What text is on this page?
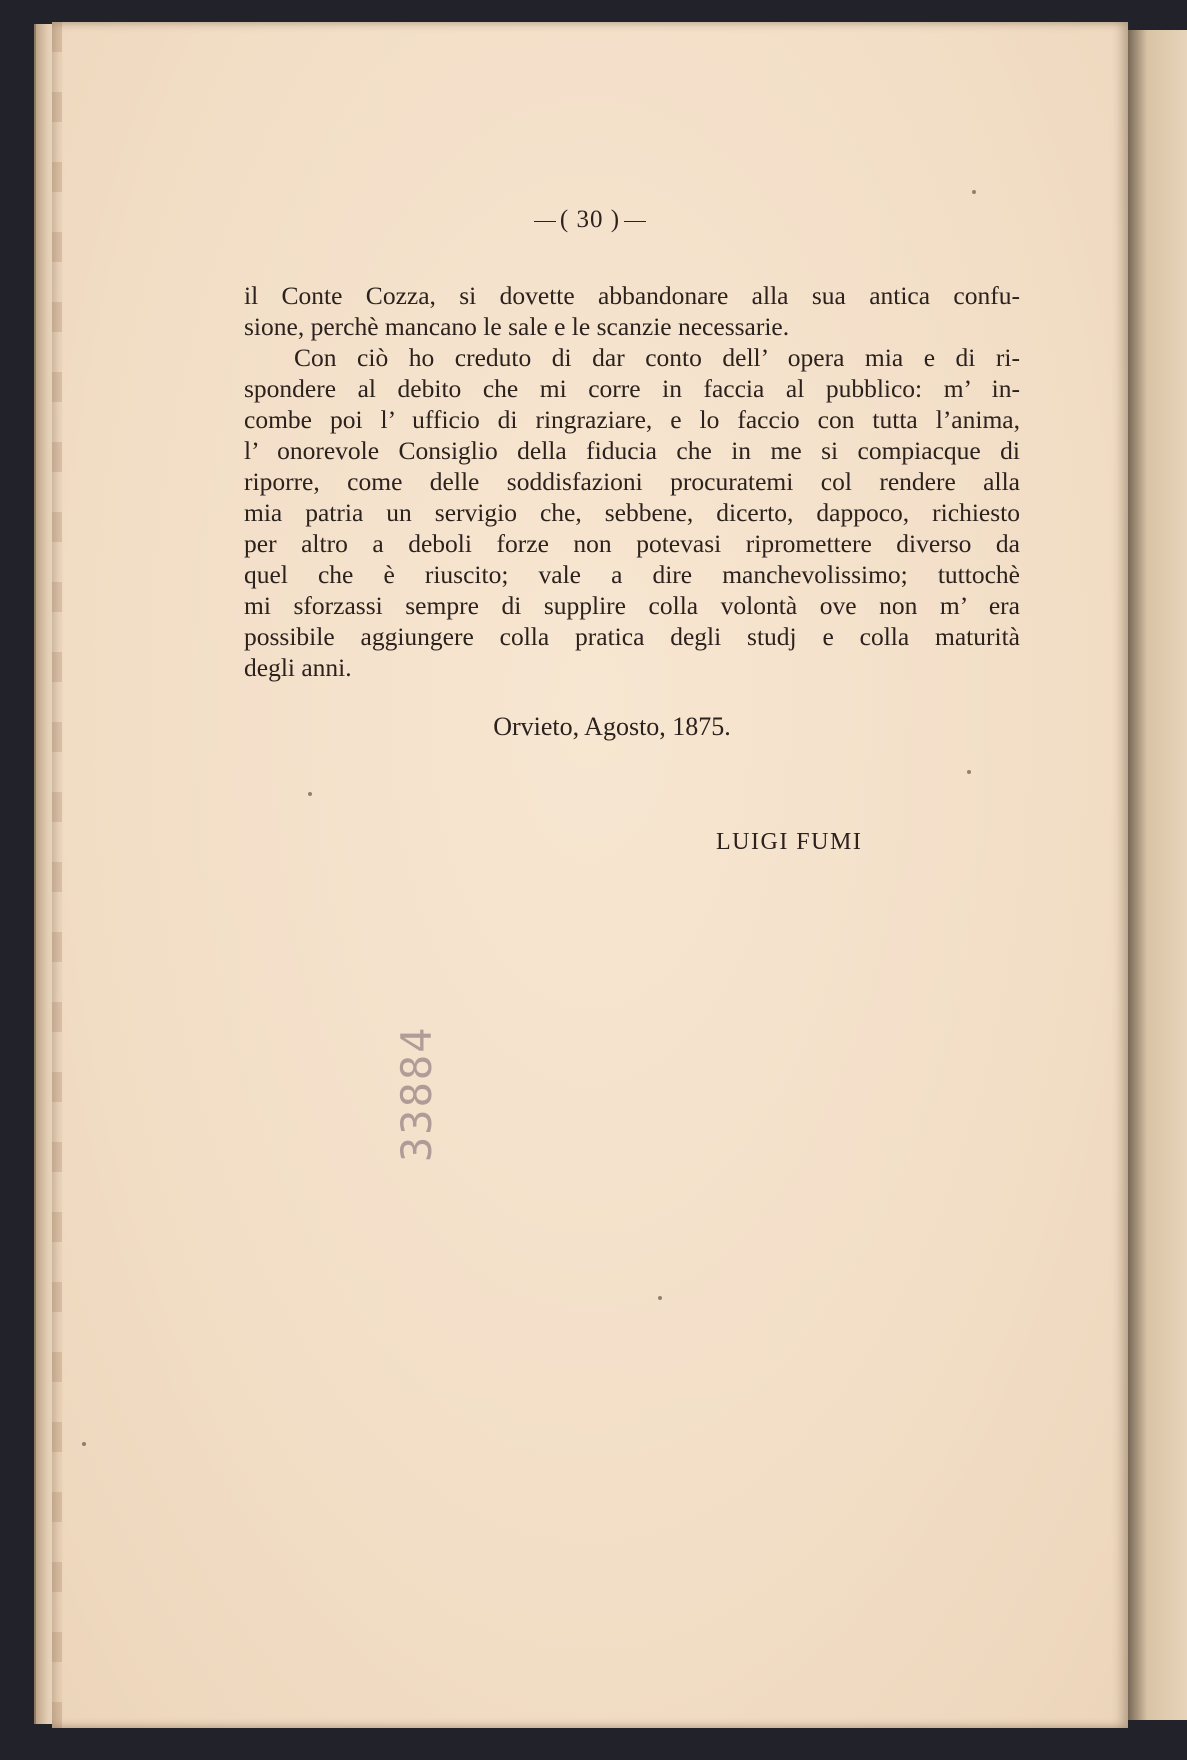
( 30 )
il Conte Cozza, si dovette abbandonare alla sua antica confu-
sione, perchè mancano le sale e le scanzie necessarie.
Con ciò ho creduto di dar conto dell’ opera mia e di ri-
spondere al debito che mi corre in faccia al pubblico: m’ in-
combe poi l’ ufficio di ringraziare, e lo faccio con tutta l’anima,
l’ onorevole Consiglio della fiducia che in me si compiacque di
riporre, come delle soddisfazioni procuratemi col rendere alla
mia patria un servigio che, sebbene, dicerto, dappoco, richiesto
per altro a deboli forze non potevasi ripromettere diverso da
quel che è riuscito; vale a dire manchevolissimo; tuttochè
mi sforzassi sempre di supplire colla volontà ove non m’ era
possibile aggiungere colla pratica degli studj e colla maturità
degli anni.
Orvieto, Agosto, 1875.
LUIGI FUMI
33884
